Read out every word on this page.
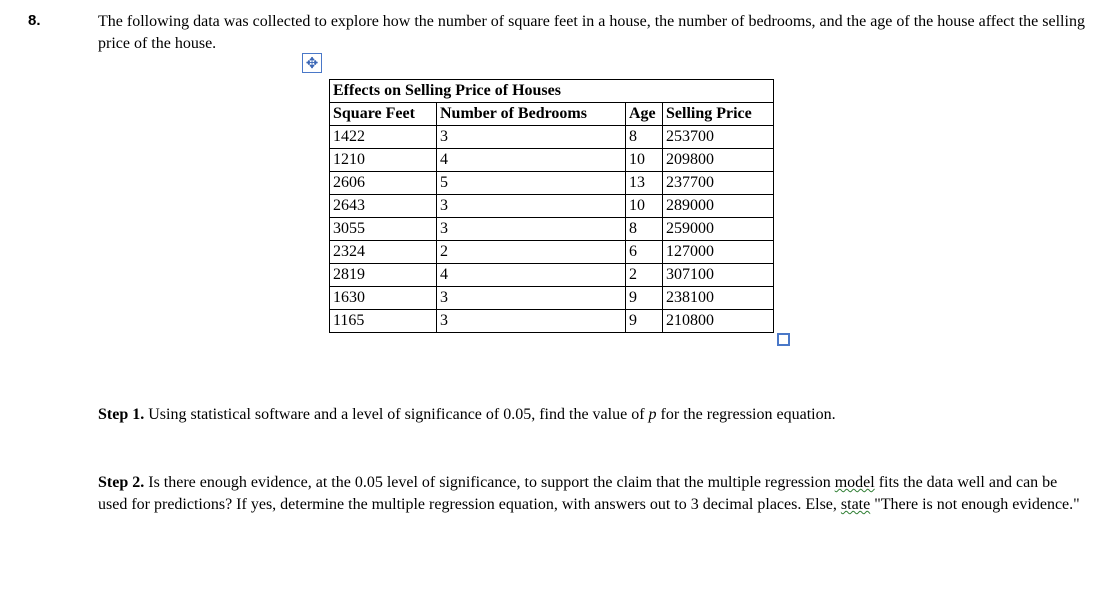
8.	The following data was collected to explore how the number of square feet in a house, the number of bedrooms, and the age of the house affect the selling price of the house.
✥
Effects on Selling Price of Houses			
Square Feet	Number of Bedrooms	Age	Selling Price
1422	3	8	253700
1210	4	10	209800
2606	5	13	237700
2643	3	10	289000
3055	3	8	259000
2324	2	6	127000
2819	4	2	307100
1630	3	9	238100
1165	3	9	210800
Step 1. Using statistical software and a level of significance of 0.05, find the value of p for the regression equation.
Step 2. Is there enough evidence, at the 0.05 level of significance, to support the claim that the multiple regression model fits the data well and can be used for predictions? If yes, determine the multiple regression equation, with answers out to 3 decimal places. Else, state "There is not enough evidence."
